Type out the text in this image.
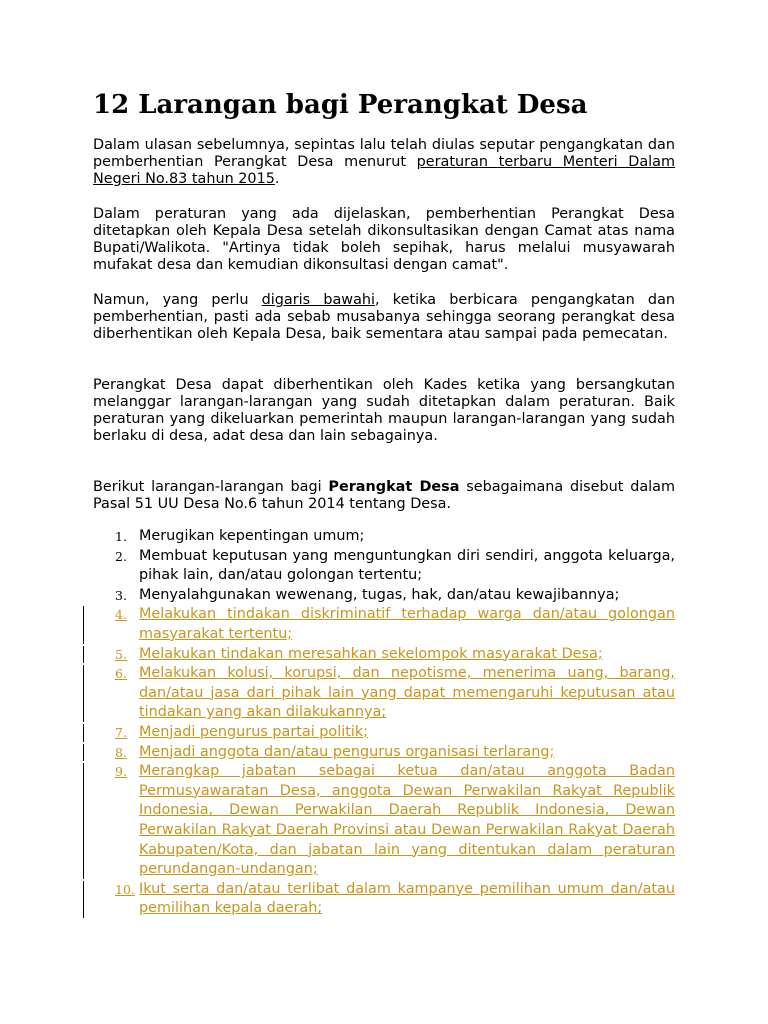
12 Larangan bagi Perangkat Desa

Dalam ulasan sebelumnya, sepintas lalu telah diulas seputar pengangkatan dan pemberhentian Perangkat Desa menurut peraturan terbaru Menteri Dalam Negeri No.83 tahun 2015.

Dalam peraturan yang ada dijelaskan, pemberhentian Perangkat Desa ditetapkan oleh Kepala Desa setelah dikonsultasikan dengan Camat atas nama Bupati/Walikota. "Artinya tidak boleh sepihak, harus melalui musyawarah mufakat desa dan kemudian dikonsultasi dengan camat".

Namun, yang perlu digaris bawahi, ketika berbicara pengangkatan dan pemberhentian, pasti ada sebab musabanya sehingga seorang perangkat desa diberhentikan oleh Kepala Desa, baik sementara atau sampai pada pemecatan.

Perangkat Desa dapat diberhentikan oleh Kades ketika yang bersangkutan melanggar larangan-larangan yang sudah ditetapkan dalam peraturan. Baik peraturan yang dikeluarkan pemerintah maupun larangan-larangan yang sudah berlaku di desa, adat desa dan lain sebagainya.

Berikut larangan-larangan bagi Perangkat Desa sebagaimana disebut dalam Pasal 51 UU Desa No.6 tahun 2014 tentang Desa.

1. Merugikan kepentingan umum;
2. Membuat keputusan yang menguntungkan diri sendiri, anggota keluarga, pihak lain, dan/atau golongan tertentu;
3. Menyalahgunakan wewenang, tugas, hak, dan/atau kewajibannya;
4. Melakukan tindakan diskriminatif terhadap warga dan/atau golongan masyarakat tertentu;
5. Melakukan tindakan meresahkan sekelompok masyarakat Desa;
6. Melakukan kolusi, korupsi, dan nepotisme, menerima uang, barang, dan/atau jasa dari pihak lain yang dapat memengaruhi keputusan atau tindakan yang akan dilakukannya;
7. Menjadi pengurus partai politik;
8. Menjadi anggota dan/atau pengurus organisasi terlarang;
9. Merangkap jabatan sebagai ketua dan/atau anggota Badan Permusyawaratan Desa, anggota Dewan Perwakilan Rakyat Republik Indonesia, Dewan Perwakilan Daerah Republik Indonesia, Dewan Perwakilan Rakyat Daerah Provinsi atau Dewan Perwakilan Rakyat Daerah Kabupaten/Kota, dan jabatan lain yang ditentukan dalam peraturan perundangan-undangan;
10. Ikut serta dan/atau terlibat dalam kampanye pemilihan umum dan/atau pemilihan kepala daerah;
